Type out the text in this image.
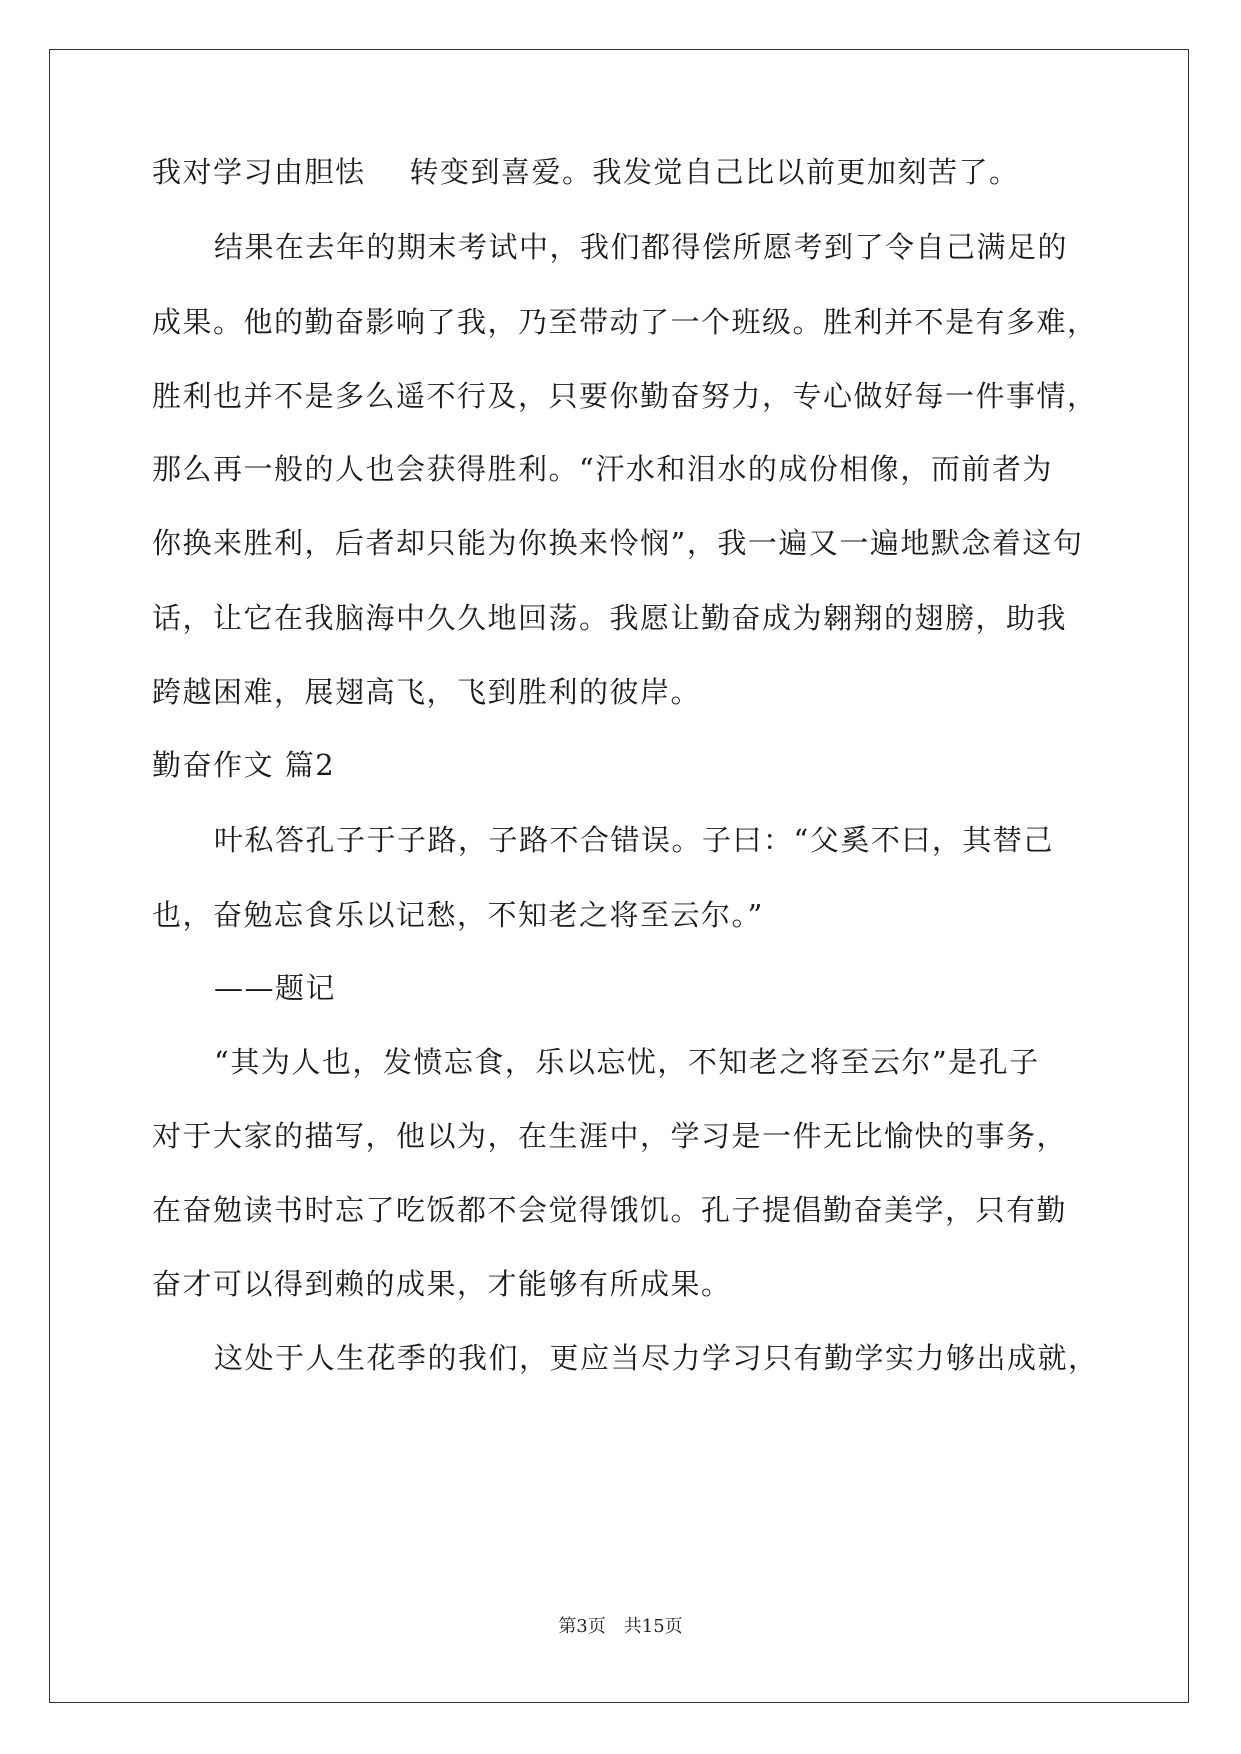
我对学习由胆怯 转变到喜爱。我发觉自己比以前更加刻苦了。
结果在去年的期末考试中，我们都得偿所愿考到了令自己满足的
成果。他的勤奋影响了我，乃至带动了一个班级。胜利并不是有多难，
胜利也并不是多么遥不行及，只要你勤奋努力，专心做好每一件事情，
那么再一般的人也会获得胜利。“汗水和泪水的成份相像，而前者为
你换来胜利，后者却只能为你换来怜悯”，我一遍又一遍地默念着这句
话，让它在我脑海中久久地回荡。我愿让勤奋成为翱翔的翅膀，助我
跨越困难，展翅高飞，飞到胜利的彼岸。
勤奋作文 篇2
叶私答孔子于子路，子路不合错误。子曰：“父奚不曰，其替己
也，奋勉忘食乐以记愁，不知老之将至云尔。”
——题记
“其为人也，发愤忘食，乐以忘忧，不知老之将至云尔”是孔子
对于大家的描写，他以为，在生涯中，学习是一件无比愉快的事务，
在奋勉读书时忘了吃饭都不会觉得饿饥。孔子提倡勤奋美学，只有勤
奋才可以得到赖的成果，才能够有所成果。
这处于人生花季的我们，更应当尽力学习只有勤学实力够出成就，
第3页 共15页
